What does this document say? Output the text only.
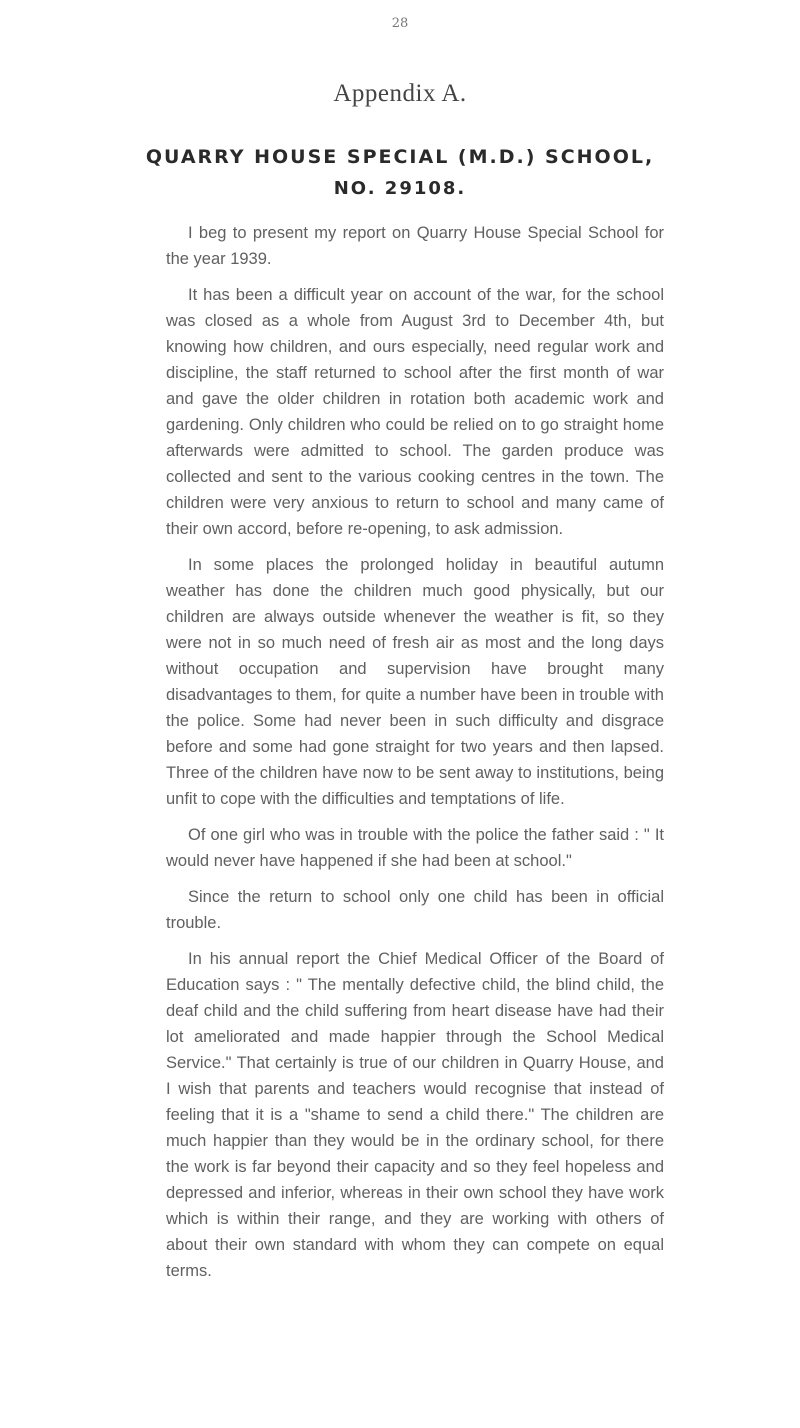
28
Appendix A.
QUARRY HOUSE SPECIAL (M.D.) SCHOOL,
NO. 29108.

I beg to present my report on Quarry House Special School for the year 1939.

It has been a difficult year on account of the war, for the school was closed as a whole from August 3rd to December 4th, but knowing how children, and ours especially, need regular work and discipline, the staff returned to school after the first month of war and gave the older children in rotation both academic work and gardening. Only children who could be relied on to go straight home afterwards were admitted to school. The garden produce was collected and sent to the various cooking centres in the town. The children were very anxious to return to school and many came of their own accord, before re-opening, to ask admission.

In some places the prolonged holiday in beautiful autumn weather has done the children much good physically, but our children are always outside whenever the weather is fit, so they were not in so much need of fresh air as most and the long days without occupation and supervision have brought many disadvantages to them, for quite a number have been in trouble with the police. Some had never been in such difficulty and disgrace before and some had gone straight for two years and then lapsed. Three of the children have now to be sent away to institutions, being unfit to cope with the difficulties and temptations of life.

Of one girl who was in trouble with the police the father said : " It would never have happened if she had been at school."

Since the return to school only one child has been in official trouble.

In his annual report the Chief Medical Officer of the Board of Education says : " The mentally defective child, the blind child, the deaf child and the child suffering from heart disease have had their lot ameliorated and made happier through the School Medical Service." That certainly is true of our children in Quarry House, and I wish that parents and teachers would recognise that instead of feeling that it is a "shame to send a child there." The children are much happier than they would be in the ordinary school, for there the work is far beyond their capacity and so they feel hopeless and depressed and inferior, whereas in their own school they have work which is within their range, and they are working with others of about their own standard with whom they can compete on equal terms.
